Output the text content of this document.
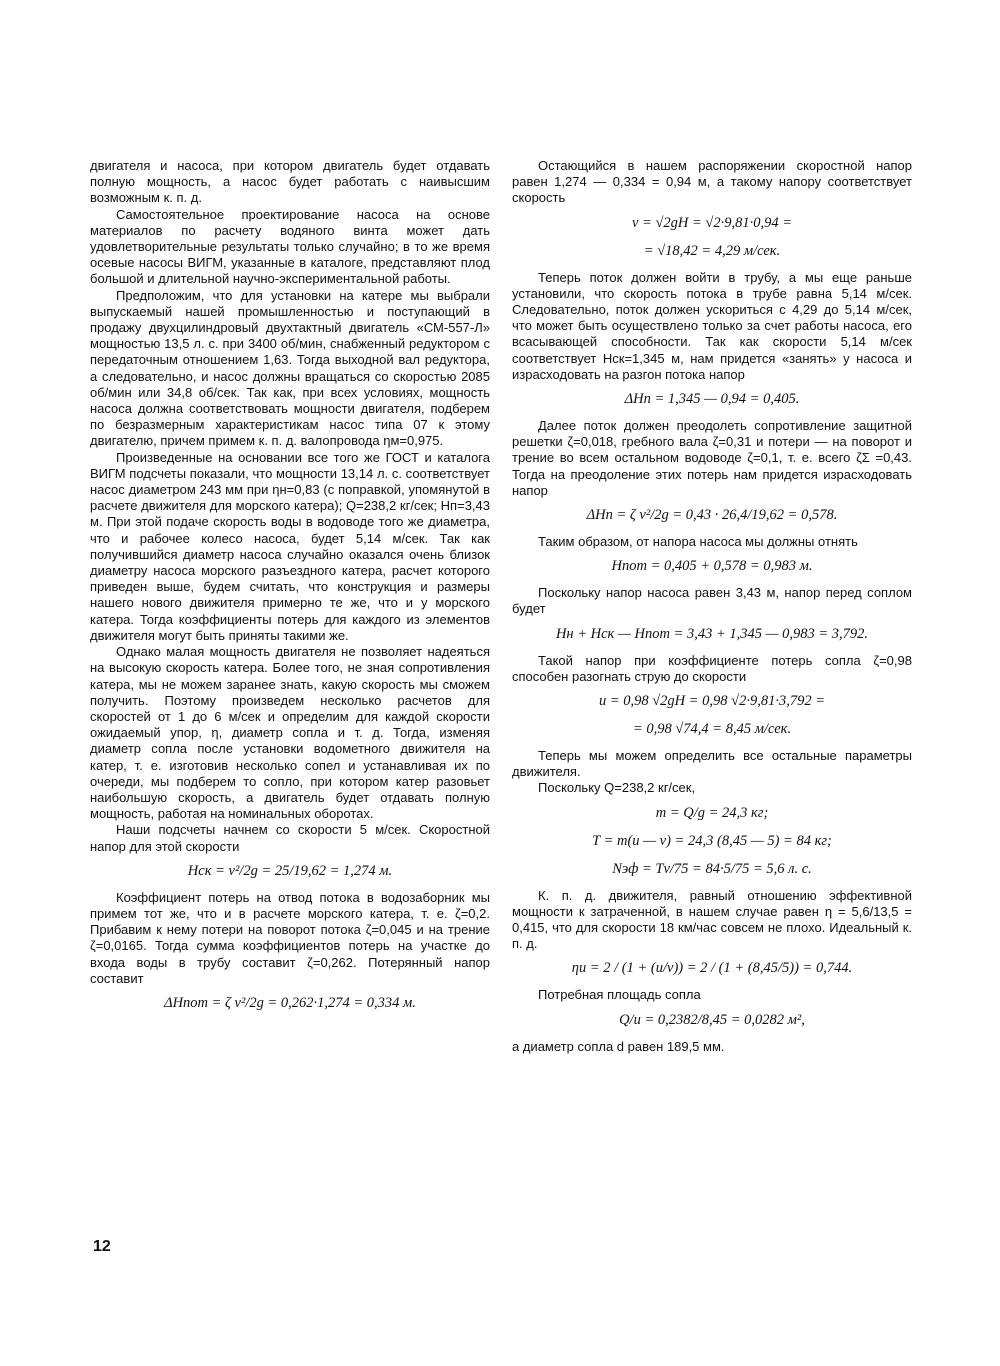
двигателя и насоса, при котором двигатель будет отдавать полную мощность, а насос будет работать с наивысшим возможным к. п. д.

Самостоятельное проектирование насоса на основе материалов по расчету водяного винта может дать удовлетворительные результаты только случайно; в то же время осевые насосы ВИГМ, указанные в каталоге, представляют плод большой и длительной научно-экспериментальной работы.

Предположим, что для установки на катере мы выбрали выпускаемый нашей промышленностью и поступающий в продажу двухцилиндровый двухтактный двигатель «СМ-557-Л» мощностью 13,5 л. с. при 3400 об/мин, снабженный редуктором с передаточным отношением 1,63. Тогда выходной вал редуктора, а следовательно, и насос должны вращаться со скоростью 2085 об/мин или 34,8 об/сек. Так как, при всех условиях, мощность насоса должна соответствовать мощности двигателя, подберем по безразмерным характеристикам насос типа 07 к этому двигателю, причем примем к. п. д. валопровода ηм=0,975.

Произведенные на основании все того же ГОСТ и каталога ВИГМ подсчеты показали, что мощности 13,14 л. с. соответствует насос диаметром 243 мм при ηн=0,83 (с поправкой, упомянутой в расчете движителя для морского катера); Q=238,2 кг/сек; Hп=3,43 м. При этой подаче скорость воды в водоводе того же диаметра, что и рабочее колесо насоса, будет 5,14 м/сек. Так как получившийся диаметр насоса случайно оказался очень близок диаметру насоса морского разъездного катера, расчет которого приведен выше, будем считать, что конструкция и размеры нашего нового движителя примерно те же, что и у морского катера. Тогда коэффициенты потерь для каждого из элементов движителя могут быть приняты такими же.

Однако малая мощность двигателя не позволяет надеяться на высокую скорость катера. Более того, не зная сопротивления катера, мы не можем заранее знать, какую скорость мы сможем получить. Поэтому произведем несколько расчетов для скоростей от 1 до 6 м/сек и определим для каждой скорости ожидаемый упор, η, диаметр сопла и т. д. Тогда, изменяя диаметр сопла после установки водометного движителя на катер, т. е. изготовив несколько сопел и устанавливая их по очереди, мы подберем то сопло, при котором катер разовьет наибольшую скорость, а двигатель будет отдавать полную мощность, работая на номинальных оборотах.

Наши подсчеты начнем со скорости 5 м/сек. Скоростной напор для этой скорости

Hск = v²/2g = 25/19,62 = 1,274 м.

Коэффициент потерь на отвод потока в водозаборник мы примем тот же, что и в расчете морского катера, т. е. ζ=0,2. Прибавим к нему потери на поворот потока ζ=0,045 и на трение ζ=0,0165. Тогда сумма коэффициентов потерь на участке до входа воды в трубу составит ζ=0,262. Потерянный напор составит

ΔHпот = ζ v²/2g = 0,262·1,274 = 0,334 м.

Остающийся в нашем распоряжении скоростной напор равен 1,274 — 0,334 = 0,94 м, а такому напору соответствует скорость

v = √2gH = √2·9,81·0,94 =
= √18,42 = 4,29 м/сек.

Теперь поток должен войти в трубу, а мы еще раньше установили, что скорость потока в трубе равна 5,14 м/сек. Следовательно, поток должен ускориться с 4,29 до 5,14 м/сек, что может быть осуществлено только за счет работы насоса, его всасывающей способности. Так как скорости 5,14 м/сек соответствует Hск=1,345 м, нам придется «занять» у насоса и израсходовать на разгон потока напор

ΔHп = 1,345 — 0,94 = 0,405.

Далее поток должен преодолеть сопротивление защитной решетки ζ=0,018, гребного вала ζ=0,31 и потери — на поворот и трение во всем остальном водоводе ζ=0,1, т. е. всего ζΣ =0,43. Тогда на преодоление этих потерь нам придется израсходовать напор

ΔHп = ζ v²/2g = 0,43 · 26,4/19,62 = 0,578.

Таким образом, от напора насоса мы должны отнять

Hпот = 0,405 + 0,578 = 0,983 м.

Поскольку напор насоса равен 3,43 м, напор перед соплом будет

Hн + Hск — Hпот = 3,43 + 1,345 — 0,983 = 3,792.

Такой напор при коэффициенте потерь сопла ζ=0,98 способен разогнать струю до скорости

u = 0,98 √2gH = 0,98 √2·9,81·3,792 =
= 0,98 √74,4 = 8,45 м/сек.

Теперь мы можем определить все остальные параметры движителя.

Поскольку Q=238,2 кг/сек,

m = Q/g = 24,3 кг;
T = m(u — v) = 24,3 (8,45 — 5) = 84 кг;
Nэф = Tv/75 = 84·5/75 = 5,6 л. с.

К. п. д. движителя, равный отношению эффективной мощности к затраченной, в нашем случае равен η = 5,6/13,5 = 0,415, что для скорости 18 км/час совсем не плохо. Идеальный к. п. д.

ηи = 2 / (1 + (u/v)) = 2 / (1 + (8,45/5)) = 0,744.

Потребная площадь сопла

Q/u = 0,2382/8,45 = 0,0282 м²,

а диаметр сопла d равен 189,5 мм.

12
